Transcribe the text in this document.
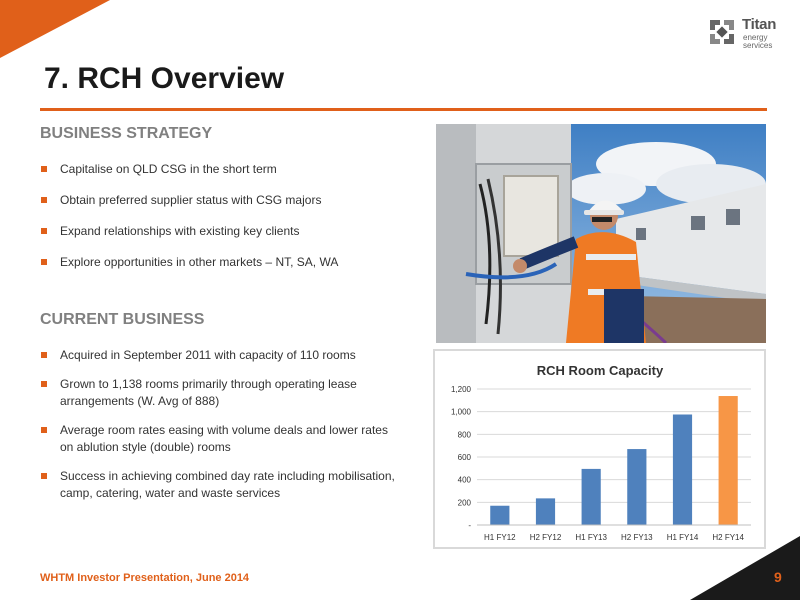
Titan
energy services
7. RCH Overview
BUSINESS STRATEGY
Capitalise on QLD CSG in the short term
Obtain preferred supplier status with CSG majors
Expand relationships with existing key clients
Explore opportunities in other markets – NT, SA, WA
CURRENT BUSINESS
Acquired in September 2011 with capacity of 110 rooms
Grown to 1,138 rooms primarily through operating lease arrangements (W. Avg of 888)
Average room rates easing with volume deals and lower rates on ablution style (double) rooms
Success in achieving combined day rate including mobilisation, camp, catering, water and waste services
RCH Room Capacity
-
200
400
600
800
1,000
1,200
H1 FY12 H2 FY12 H1 FY13 H2 FY13 H1 FY14 H2 FY14
WHTM Investor Presentation, June 2014	9
